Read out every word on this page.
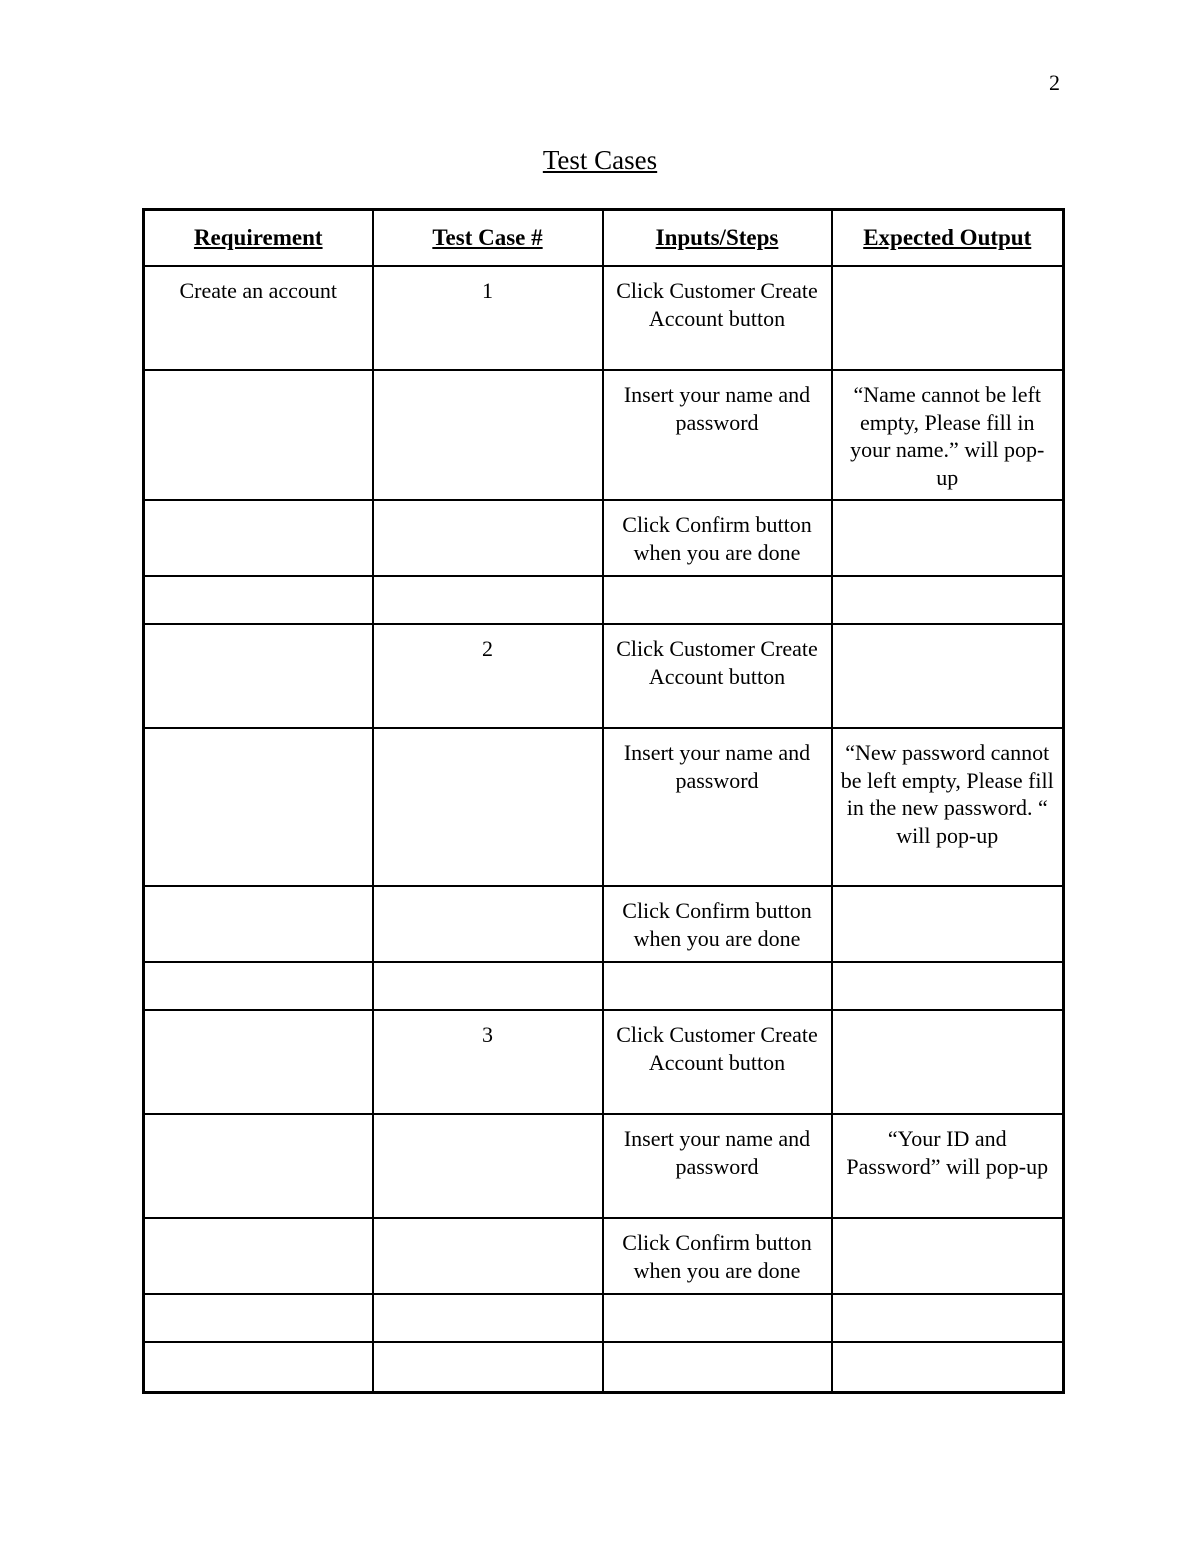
2
Test Cases
Requirement	Test Case #	Inputs/Steps	Expected Output
Create an account	1	Click Customer Create Account button	
		Insert your name and password	“Name cannot be left empty, Please fill in your name.” will pop-up
		Click Confirm button when you are done	

	2	Click Customer Create Account button	
		Insert your name and password	“New password cannot be left empty, Please fill in the new password. “ will pop-up
		Click Confirm button when you are done	

	3	Click Customer Create Account button	
		Insert your name and password	“Your ID and Password” will pop-up
		Click Confirm button when you are done	
